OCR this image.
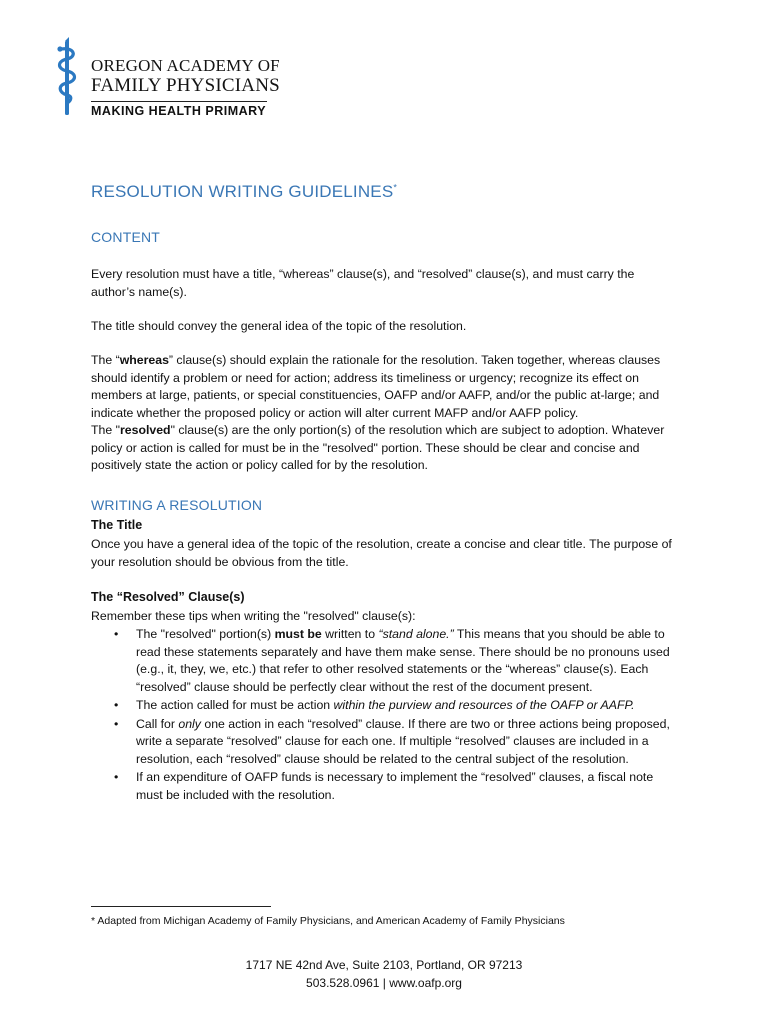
OREGON ACADEMY OF
FAMILY PHYSICIANS
MAKING HEALTH PRIMARY
RESOLUTION WRITING GUIDELINES*
CONTENT
Every resolution must have a title, “whereas” clause(s), and “resolved” clause(s), and must carry the author’s name(s).
The title should convey the general idea of the topic of the resolution.
The “whereas” clause(s) should explain the rationale for the resolution. Taken together, whereas clauses should identify a problem or need for action; address its timeliness or urgency; recognize its effect on members at large, patients, or special constituencies, OAFP and/or AAFP, and/or the public at-large; and indicate whether the proposed policy or action will alter current MAFP and/or AAFP policy.
The "resolved" clause(s) are the only portion(s) of the resolution which are subject to adoption. Whatever policy or action is called for must be in the "resolved" portion. These should be clear and concise and positively state the action or policy called for by the resolution.
WRITING A RESOLUTION
The Title
Once you have a general idea of the topic of the resolution, create a concise and clear title. The purpose of your resolution should be obvious from the title.
The “Resolved” Clause(s)
Remember these tips when writing the "resolved" clause(s):
• The "resolved" portion(s) must be written to “stand alone.” This means that you should be able to read these statements separately and have them make sense. There should be no pronouns used (e.g., it, they, we, etc.) that refer to other resolved statements or the “whereas” clause(s). Each “resolved” clause should be perfectly clear without the rest of the document present.
• The action called for must be action within the purview and resources of the OAFP or AAFP.
• Call for only one action in each “resolved” clause. If there are two or three actions being proposed, write a separate “resolved” clause for each one. If multiple “resolved” clauses are included in a resolution, each “resolved” clause should be related to the central subject of the resolution.
• If an expenditure of OAFP funds is necessary to implement the “resolved” clauses, a fiscal note must be included with the resolution.
* Adapted from Michigan Academy of Family Physicians, and American Academy of Family Physicians
1717 NE 42nd Ave, Suite 2103, Portland, OR 97213
503.528.0961 | www.oafp.org
